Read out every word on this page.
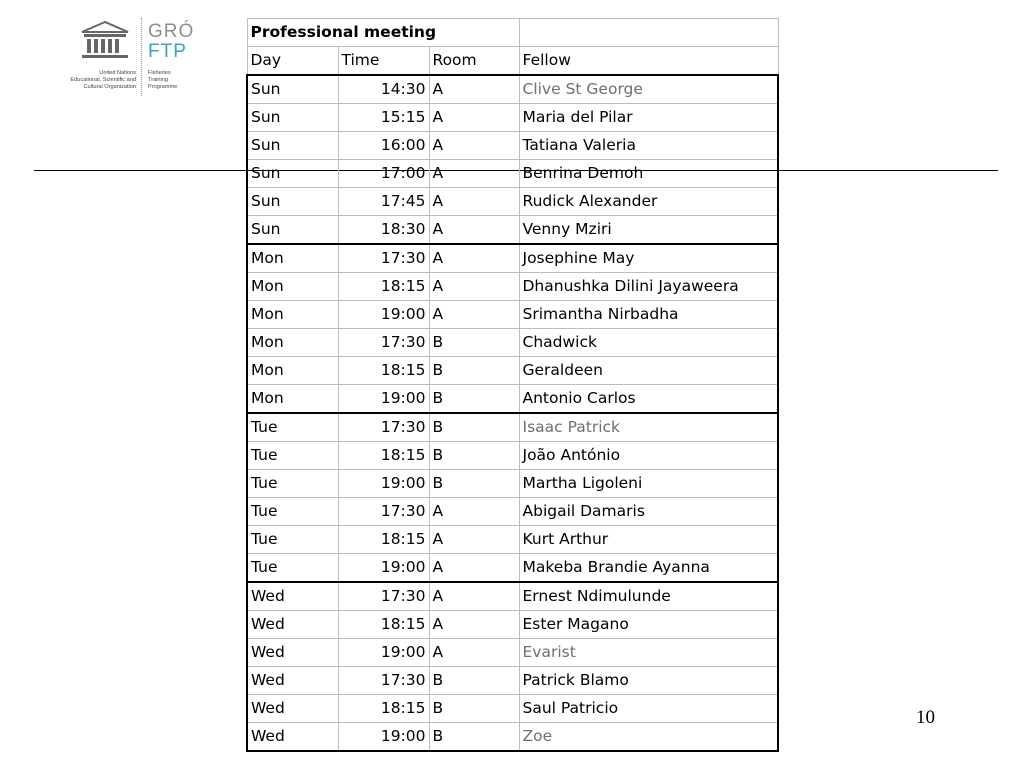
GRÓ
FTP
United Nations
Educational, Scientific and
Cultural Organization
Fisheries
Training
Programme
Professional meeting			
Day	Time	Room	Fellow
Sun	14:30	A	Clive St George
Sun	15:15	A	Maria del Pilar
Sun	16:00	A	Tatiana Valeria
Sun	17:00	A	Benrina Demoh
Sun	17:45	A	Rudick Alexander
Sun	18:30	A	Venny Mziri
Mon	17:30	A	Josephine May
Mon	18:15	A	Dhanushka Dilini Jayaweera
Mon	19:00	A	Srimantha Nirbadha
Mon	17:30	B	Chadwick
Mon	18:15	B	Geraldeen
Mon	19:00	B	Antonio Carlos
Tue	17:30	B	Isaac Patrick
Tue	18:15	B	João António
Tue	19:00	B	Martha Ligoleni
Tue	17:30	A	Abigail Damaris
Tue	18:15	A	Kurt Arthur
Tue	19:00	A	Makeba Brandie Ayanna
Wed	17:30	A	Ernest Ndimulunde
Wed	18:15	A	Ester Magano
Wed	19:00	A	Evarist
Wed	17:30	B	Patrick Blamo
Wed	18:15	B	Saul Patricio
Wed	19:00	B	Zoe
10
